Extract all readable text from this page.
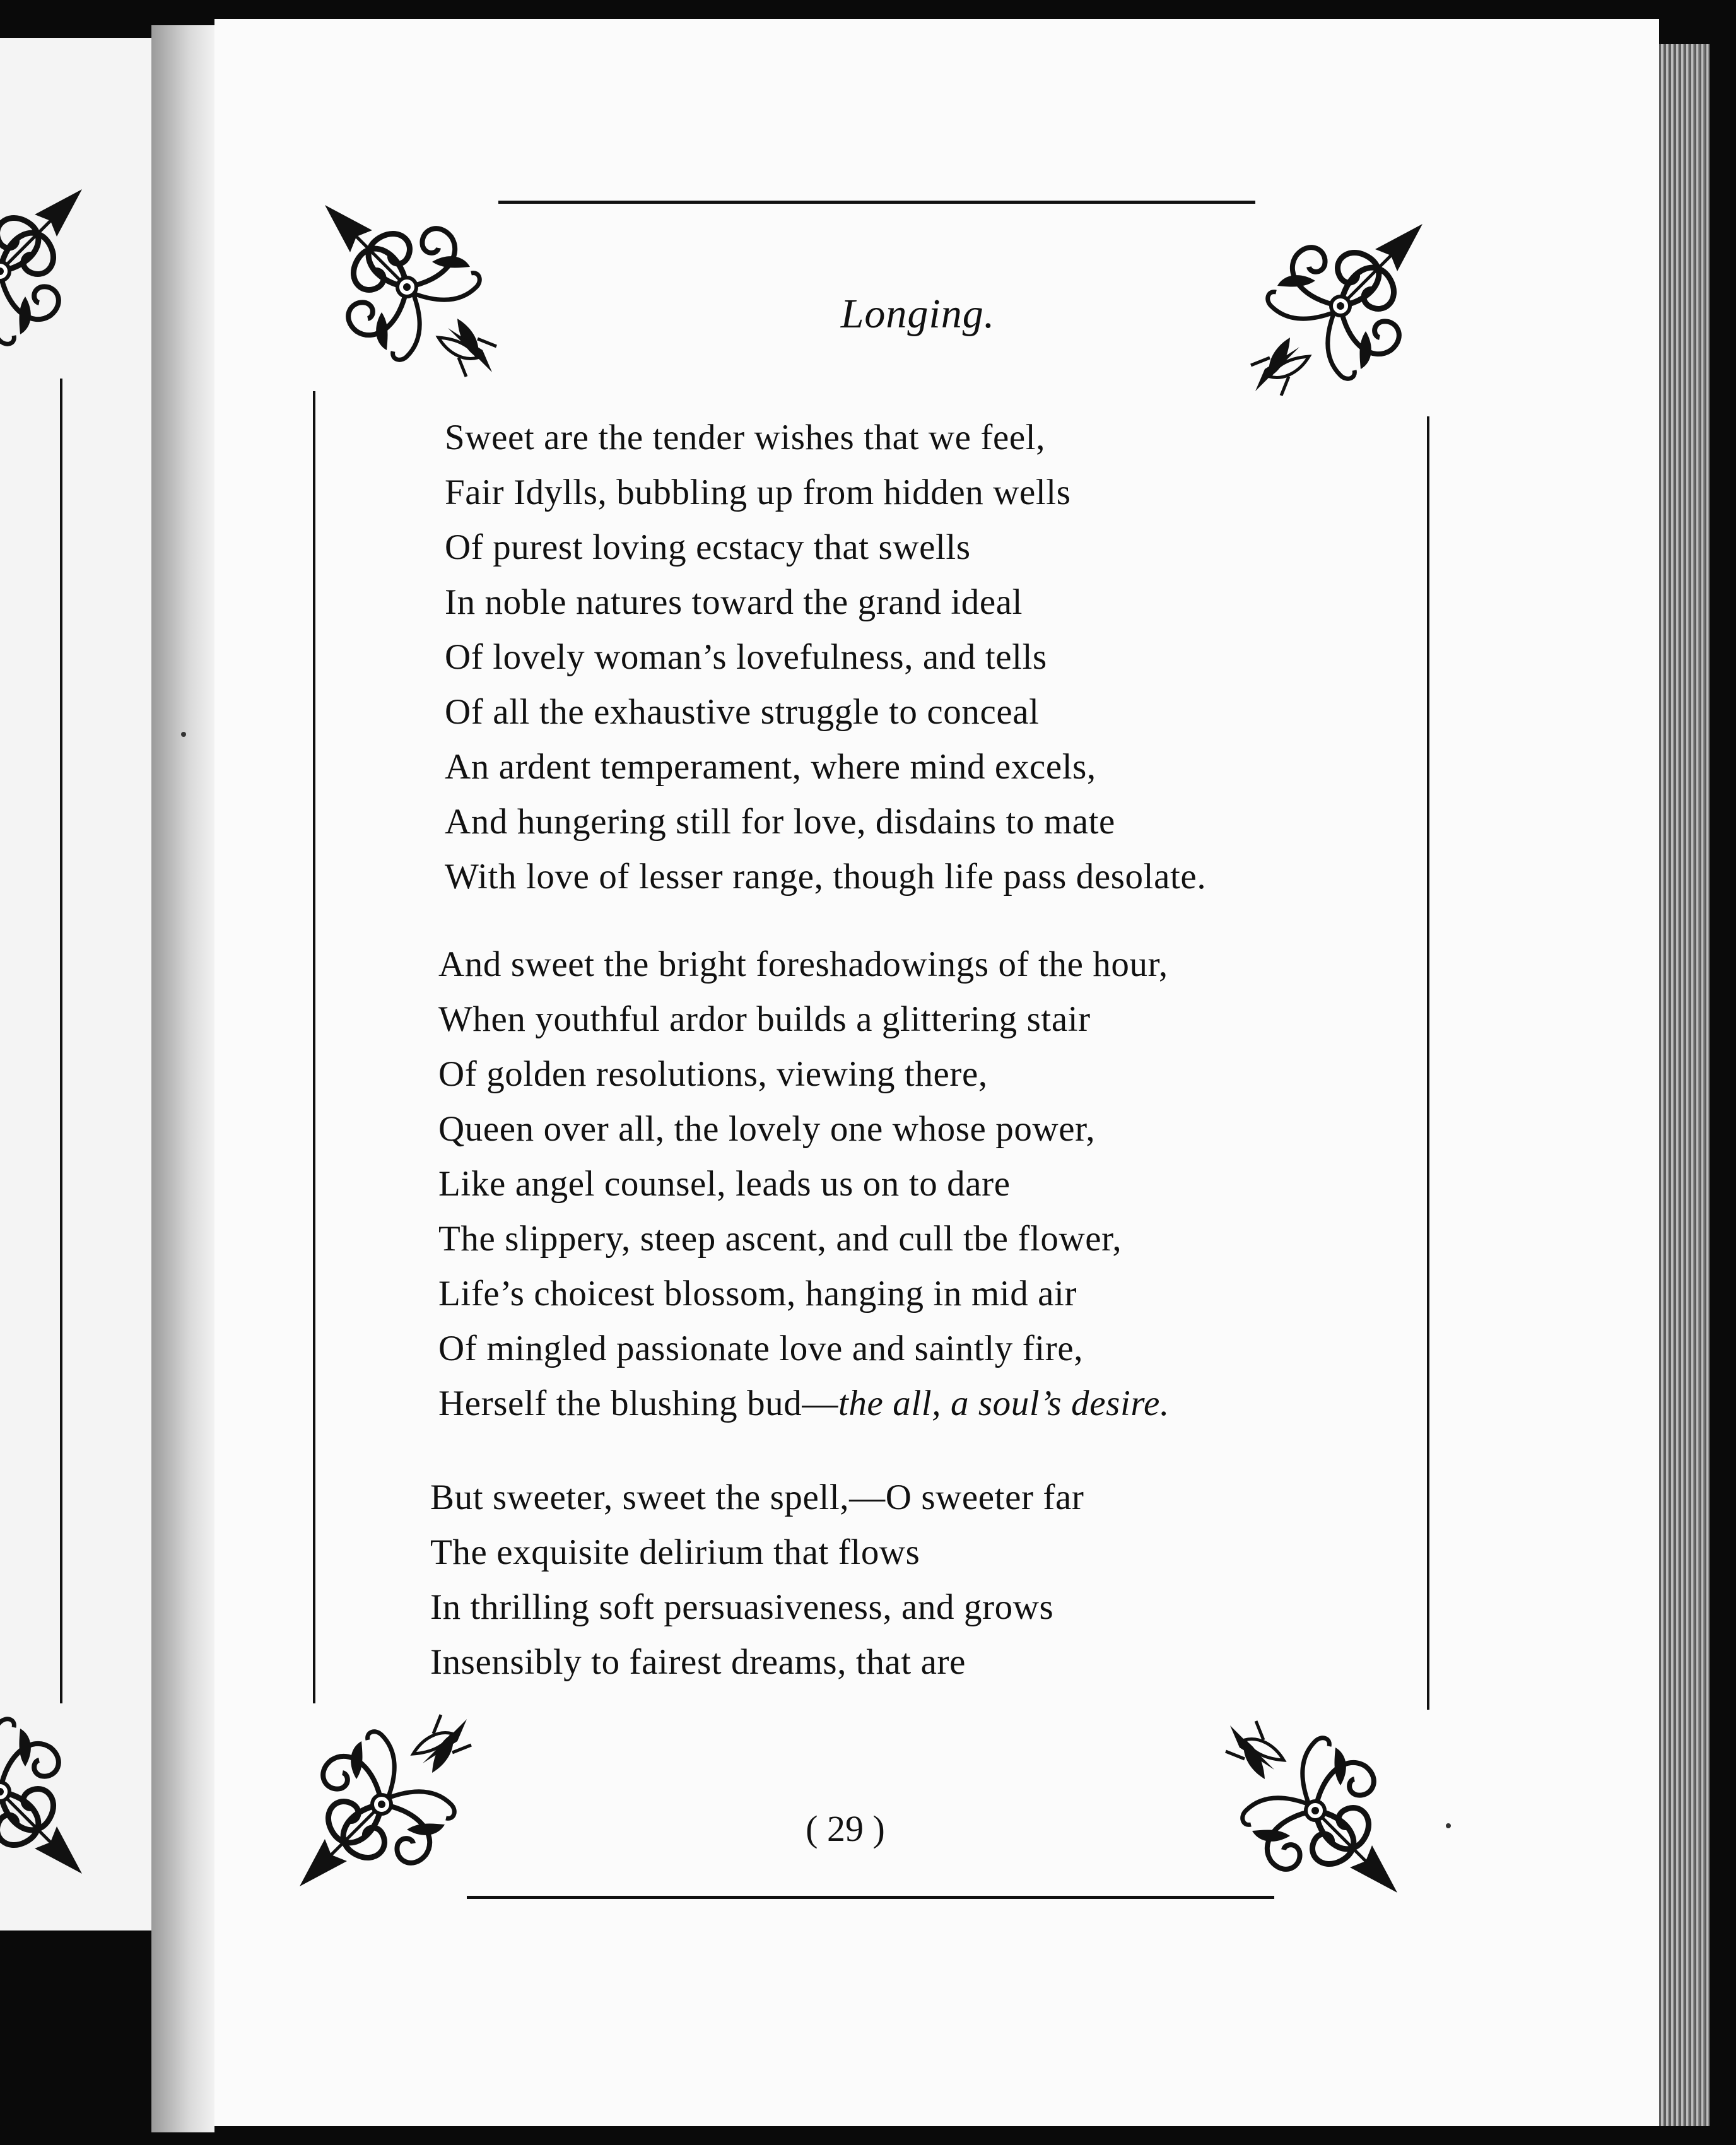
Longing.
Sweet are the tender wishes that we feel,
Fair Idylls, bubbling up from hidden wells
Of purest loving ecstacy that swells
In noble natures toward the grand ideal
Of lovely woman’s lovefulness, and tells
Of all the exhaustive struggle to conceal
An ardent temperament, where mind excels,
And hungering still for love, disdains to mate
With love of lesser range, though life pass desolate.
And sweet the bright foreshadowings of the hour,
When youthful ardor builds a glittering stair
Of golden resolutions, viewing there,
Queen over all, the lovely one whose power,
Like angel counsel, leads us on to dare
The slippery, steep ascent, and cull tbe flower,
Life’s choicest blossom, hanging in mid air
Of mingled passionate love and saintly fire,
Herself the blushing bud—the all, a soul’s desire.
But sweeter, sweet the spell,—O sweeter far
The exquisite delirium that flows
In thrilling soft persuasiveness, and grows
Insensibly to fairest dreams, that are
( 29 )
